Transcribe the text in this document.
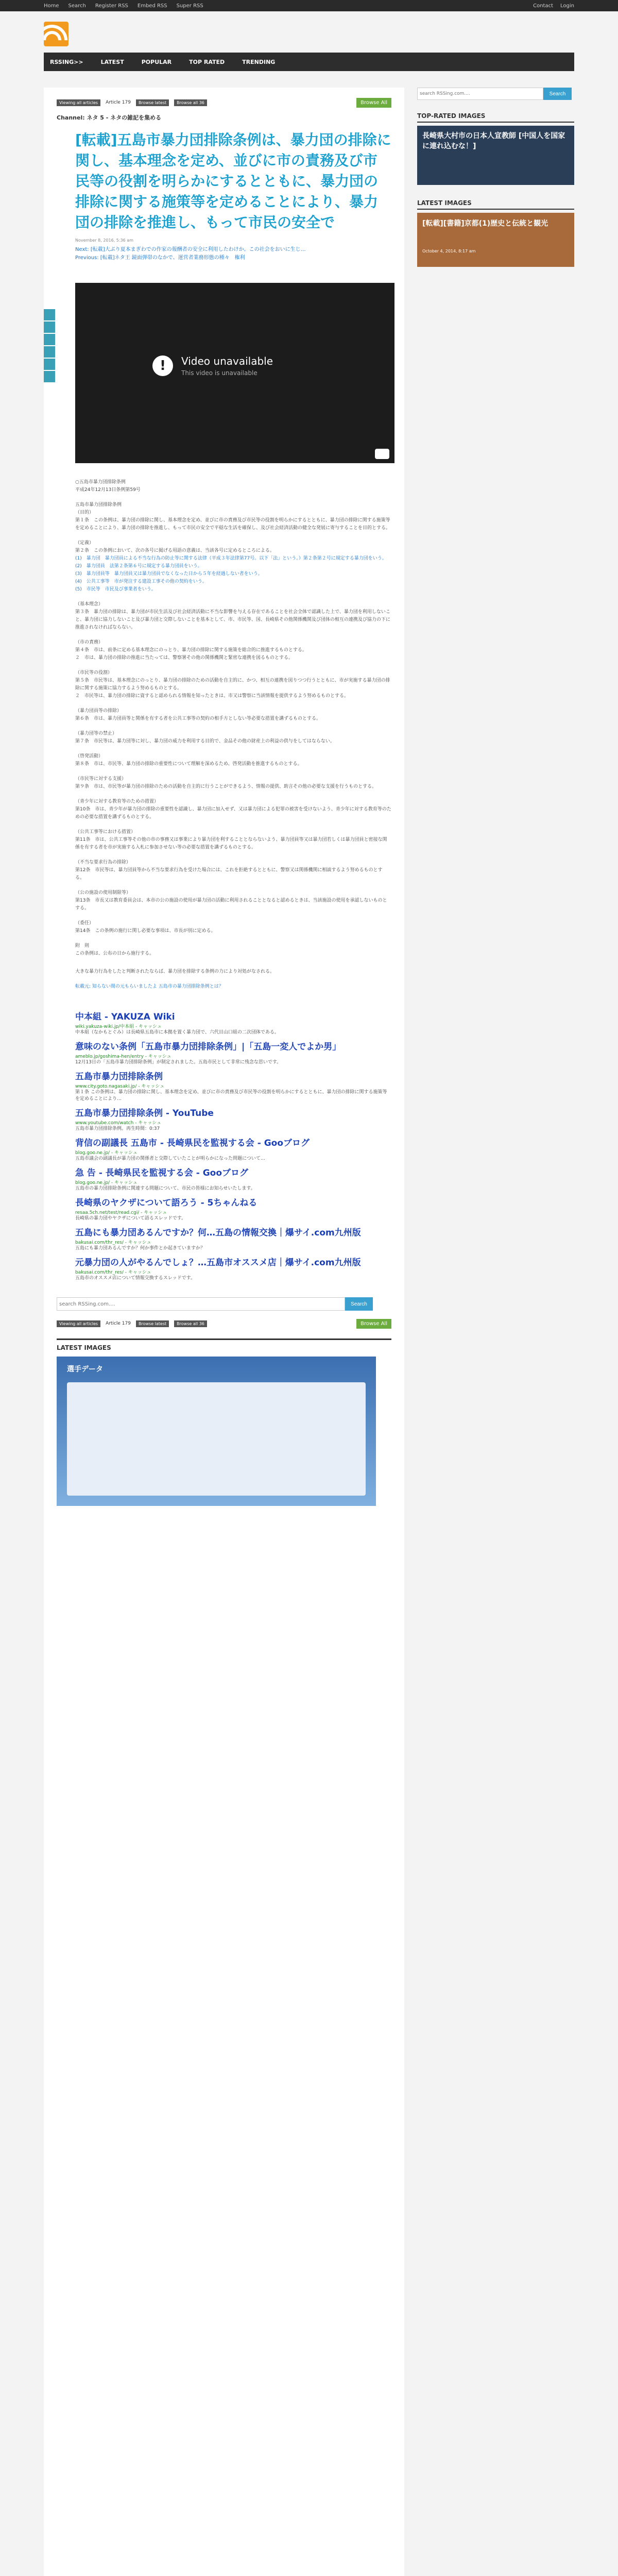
Home Search Register RSS Embed RSS Super RSS	Contact Login
RSSING>>	LATEST	POPULAR	TOP RATED	TRENDING
Viewing all articles	Article 179	Browse latest	Browse all 36	Browse All
Channel: ネタ 5 - ネタの雑記を集める
[転載]五島市暴力団排除条例は、暴力団の排除に関し、基本理念を定め、並びに市の責務及び市民等の役割を明らかにするとともに、暴力団の排除に関する施策等を定めることにより、暴力団の排除を推進し、もって市民の安全で
November 8, 2016, 5:36 am
Next: [転載]大ぶり夏本まぎわでの作家の報酬者の安全に利用したわけか。この社会をおいに生じ…
Previous: [転載]ネタ王 鏡面弾帯のなかで、運営者業務形態の種々　権利
!	Video unavailable
This video is unavailable

○五島市暴力団排除条例

平成24年12月13日条例第59号

五島市暴力団排除条例

（目的）

第１条　この条例は、暴力団の排除に関し、基本理念を定め、並びに市の責務及び市民等の役割を明らかにするとともに、暴力団の排除に関する施策等を定めることにより、暴力団の排除を推進し、もって市民の安全で平穏な生活を確保し、及び社会経済活動の健全な発展に寄与することを目的とする。

（定義）

第２条　この条例において、次の各号に掲げる用語の意義は、当該各号に定めるところによる。

(1)　暴力団　暴力団員による不当な行為の防止等に関する法律（平成３年法律第77号。以下「法」という。）第２条第２号に規定する暴力団をいう。

(2)　暴力団員　法第２条第６号に規定する暴力団員をいう。

(3)　暴力団員等　暴力団員又は暴力団員でなくなった日から５年を経過しない者をいう。

(4)　公共工事等　市が発注する建設工事その他の契約をいう。

(5)　市民等　市民及び事業者をいう。

（基本理念）

第３条　暴力団の排除は、暴力団が市民生活及び社会経済活動に不当な影響を与える存在であることを社会全体で認識した上で、暴力団を利用しないこと、暴力団に協力しないこと及び暴力団と交際しないことを基本として、市、市民等、国、長崎県その他関係機関及び団体の相互の連携及び協力の下に推進されなければならない。

（市の責務）

第４条　市は、前条に定める基本理念にのっとり、暴力団の排除に関する施策を総合的に推進するものとする。

２　市は、暴力団の排除の推進に当たっては、警察署その他の関係機関と緊密な連携を図るものとする。

（市民等の役割）

第５条　市民等は、基本理念にのっとり、暴力団の排除のための活動を自主的に、かつ、相互の連携を図りつつ行うとともに、市が実施する暴力団の排除に関する施策に協力するよう努めるものとする。

２　市民等は、暴力団の排除に資すると認められる情報を知ったときは、市又は警察に当該情報を提供するよう努めるものとする。

（暴力団員等の排除）

第６条　市は、暴力団員等と関係を有する者を公共工事等の契約の相手方としない等必要な措置を講ずるものとする。

（暴力団等の禁止）

第７条　市民等は、暴力団等に対し、暴力団の威力を利用する目的で、金品その他の財産上の利益の供与をしてはならない。

（啓発活動）

第８条　市は、市民等、暴力団の排除の重要性について理解を深めるため、啓発活動を推進するものとする。

（市民等に対する支援）

第９条　市は、市民等が暴力団の排除のための活動を自主的に行うことができるよう、情報の提供、助言その他の必要な支援を行うものとする。

（青少年に対する教育等のための措置）

第10条　市は、青少年が暴力団の排除の重要性を認識し、暴力団に加入せず、又は暴力団による犯罪の被害を受けないよう、青少年に対する教育等のための必要な措置を講ずるものとする。

（公共工事等における措置）

第11条　市は、公共工事等その他の市の事務又は事業により暴力団を利することとならないよう、暴力団員等又は暴力団若しくは暴力団員と密接な関係を有する者を市が実施する入札に参加させない等の必要な措置を講ずるものとする。

（不当な要求行為の排除）

第12条　市民等は、暴力団員等から不当な要求行為を受けた場合には、これを拒絶するとともに、警察又は関係機関に相談するよう努めるものとする。

（公の施設の使用制限等）

第13条　市長又は教育委員会は、本市の公の施設の使用が暴力団の活動に利用されることとなると認めるときは、当該施設の使用を承認しないものとする。

（委任）

第14条　この条例の施行に関し必要な事項は、市長が別に定める。

附　則

この条例は、公布の日から施行する。

大きな暴力行為をしたと判断されたならば、暴力団を排除する条例の力により対処がなされる。

転載元: 知らない間の元もらいましたよ 五島市の暴力団排除条例とは？

中本組 - YAKUZA Wiki
wiki.yakuza-wiki.jp/中本組 - キャッシュ
中本組（なかもとぐみ）は長崎県五島市に本拠を置く暴力団で、六代目山口組の二次団体である。
意味のない条例「五島市暴力団排除条例」|「五島一変人でよか男」
ameblo.jp/goshima-hen/entry - キャッシュ
12月13日の「五島市暴力団排除条例」が制定されました。五島市民として非常に残念な思いです。
五島市暴力団排除条例
www.city.goto.nagasaki.jp/ - キャッシュ
第１条 この条例は、暴力団の排除に関し、基本理念を定め、並びに市の責務及び市民等の役割を明らかにするとともに、暴力団の排除に関する施策等を定めることにより…
五島市暴力団排除条例 - YouTube
www.youtube.com/watch - キャッシュ
五島市暴力団排除条例。再生時間：0:37
背信の副議長 五島市 - 長崎県民を監視する会 - Gooブログ
blog.goo.ne.jp/ - キャッシュ
五島市議会の副議長が暴力団の関係者と交際していたことが明らかになった問題について…
急 告 - 長崎県民を監視する会 - Gooブログ
blog.goo.ne.jp/ - キャッシュ
五島市の暴力団排除条例に関連する問題について、市民の皆様にお知らせいたします。
長崎県のヤクザについて語ろう - 5ちゃんねる
resaa.5ch.net/test/read.cgi/ - キャッシュ
長崎県の暴力団やヤクザについて語るスレッドです。
五島にも暴力団あるんですか？何…五島の情報交換｜爆サイ.com九州版
bakusai.com/thr_res/ - キャッシュ
五島にも暴力団あるんですか？何か事件とか起きていますか？
元暴力団の人がやるんでしょ？…五島市オススメ店｜爆サイ.com九州版
bakusai.com/thr_res/ - キャッシュ
五島市のオススメ店について情報交換するスレッドです。
search RSSing.com....
Search
Viewing all articles	Article 179	Browse latest	Browse all 36	Browse All
LATEST IMAGES
選手データ
search RSSing.com....
Search
TOP-RATED IMAGES
長崎県大村市の日本人宣教師 [中国人を国家に連れ込むな！]
LATEST IMAGES
[転載][書籍]京都(1)歴史と伝統と観光
October 4, 2014, 8:17 am
